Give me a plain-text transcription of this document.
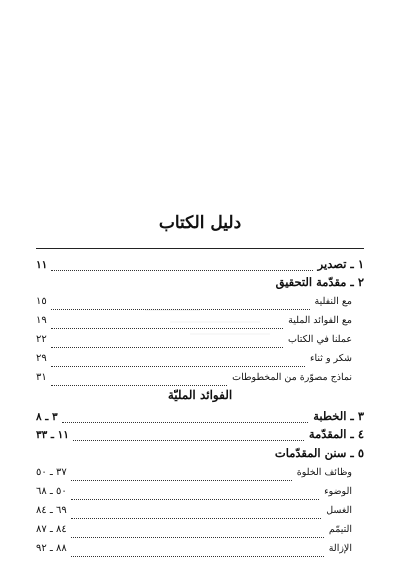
دليل الكتاب
١ ـ تصدير
١١
٢ ـ مقدّمة التحقيق
مع النفلية
١٥
مع الفوائد الملية
١٩
عملنا في الكتاب
٢٢
شكر و ثناء
٢٩
نماذج مصوّرة من المخطوطات
٣١
الفوائد المليّة
٣ ـ الخطبة
٣ ـ ٨
٤ ـ المقدّمة
١١ ـ ٣٣
٥ ـ سنن المقدّمات
وظائف الخلوة
٣٧ ـ ٥٠
الوضوء
٥٠ ـ ٦٨
الغسل
٦٩ ـ ٨٤
التيمّم
٨٤ ـ ٨٧
الإزالة
٨٨ ـ ٩٢
